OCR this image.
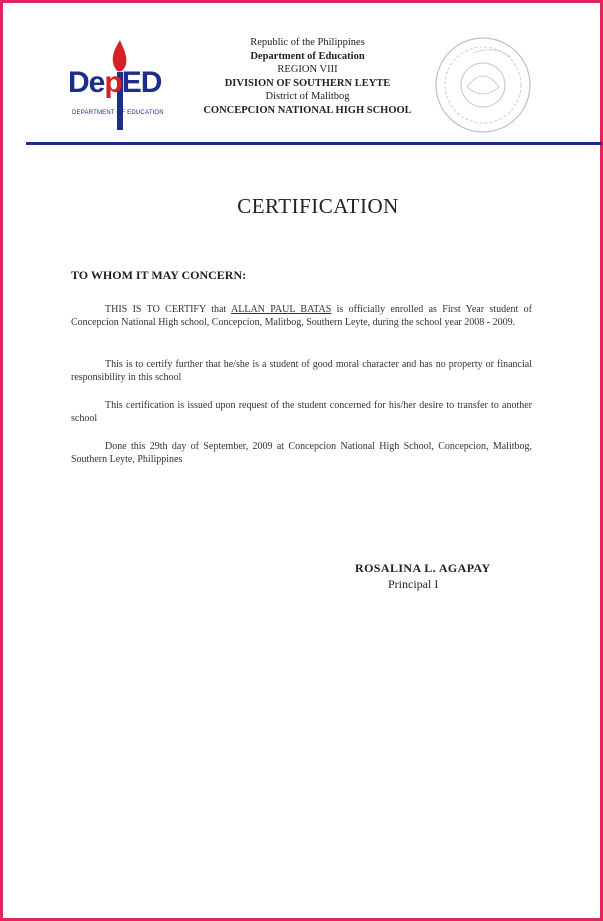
DepED
DEPARTMENT OF EDUCATION
Republic of the Philippines
Department of Education
REGION VIII
DIVISION OF SOUTHERN LEYTE
District of Malitbog
CONCEPCION NATIONAL HIGH SCHOOL
CERTIFICATION
TO WHOM IT MAY CONCERN:
THIS IS TO CERTIFY that ALLAN PAUL BATAS is officially enrolled as First Year student of Concepcion National High school, Concepcion, Malitbog, Southern Leyte, during the school year 2008 - 2009.
This is to certify further that he/she is a student of good moral character and has no property or financial responsibility in this school
This certification is issued upon request of the student concerned for his/her desire to transfer to another school
Done this 29th day of September, 2009 at Concepcion National High School, Concepcion, Malitbog, Southern Leyte, Philippines
ROSALINA L. AGAPAY
Principal I
